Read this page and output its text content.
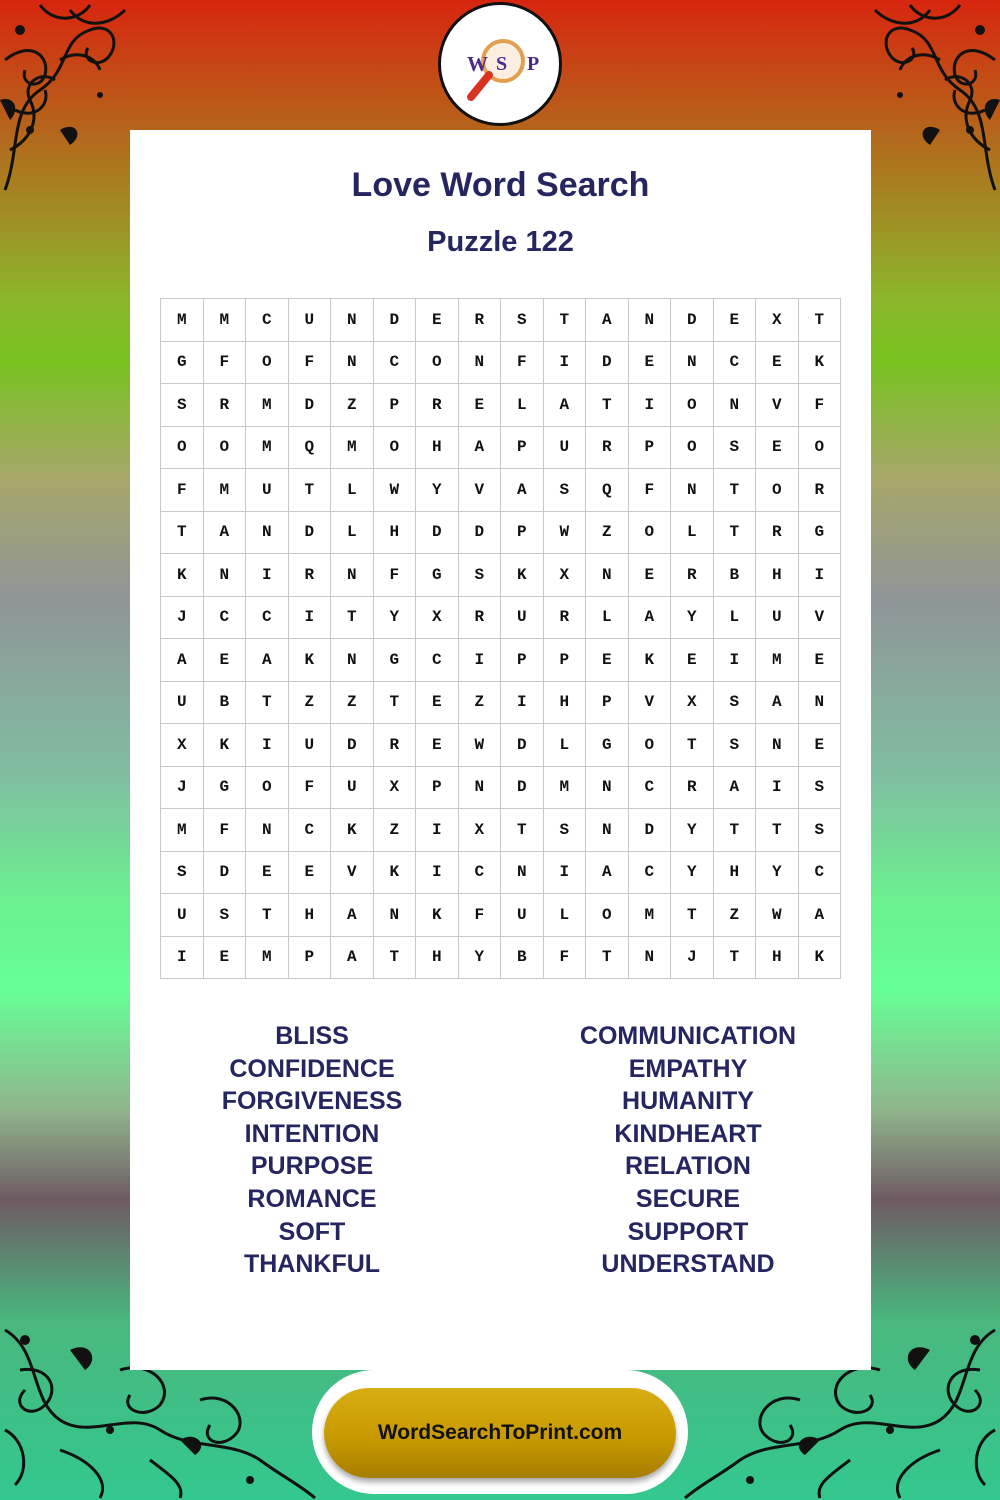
W S P
Love Word Search
Puzzle 122
M	M	C	U	N	D	E	R	S	T	A	N	D	E	X	T
G	F	O	F	N	C	O	N	F	I	D	E	N	C	E	K
S	R	M	D	Z	P	R	E	L	A	T	I	O	N	V	F
O	O	M	Q	M	O	H	A	P	U	R	P	O	S	E	O
F	M	U	T	L	W	Y	V	A	S	Q	F	N	T	O	R
T	A	N	D	L	H	D	D	P	W	Z	O	L	T	R	G
K	N	I	R	N	F	G	S	K	X	N	E	R	B	H	I
J	C	C	I	T	Y	X	R	U	R	L	A	Y	L	U	V
A	E	A	K	N	G	C	I	P	P	E	K	E	I	M	E
U	B	T	Z	Z	T	E	Z	I	H	P	V	X	S	A	N
X	K	I	U	D	R	E	W	D	L	G	O	T	S	N	E
J	G	O	F	U	X	P	N	D	M	N	C	R	A	I	S
M	F	N	C	K	Z	I	X	T	S	N	D	Y	T	T	S
S	D	E	E	V	K	I	C	N	I	A	C	Y	H	Y	C
U	S	T	H	A	N	K	F	U	L	O	M	T	Z	W	A
I	E	M	P	A	T	H	Y	B	F	T	N	J	T	H	K
BLISS
CONFIDENCE
FORGIVENESS
INTENTION
PURPOSE
ROMANCE
SOFT
THANKFUL
COMMUNICATION
EMPATHY
HUMANITY
KINDHEART
RELATION
SECURE
SUPPORT
UNDERSTAND
WordSearchToPrint.com
